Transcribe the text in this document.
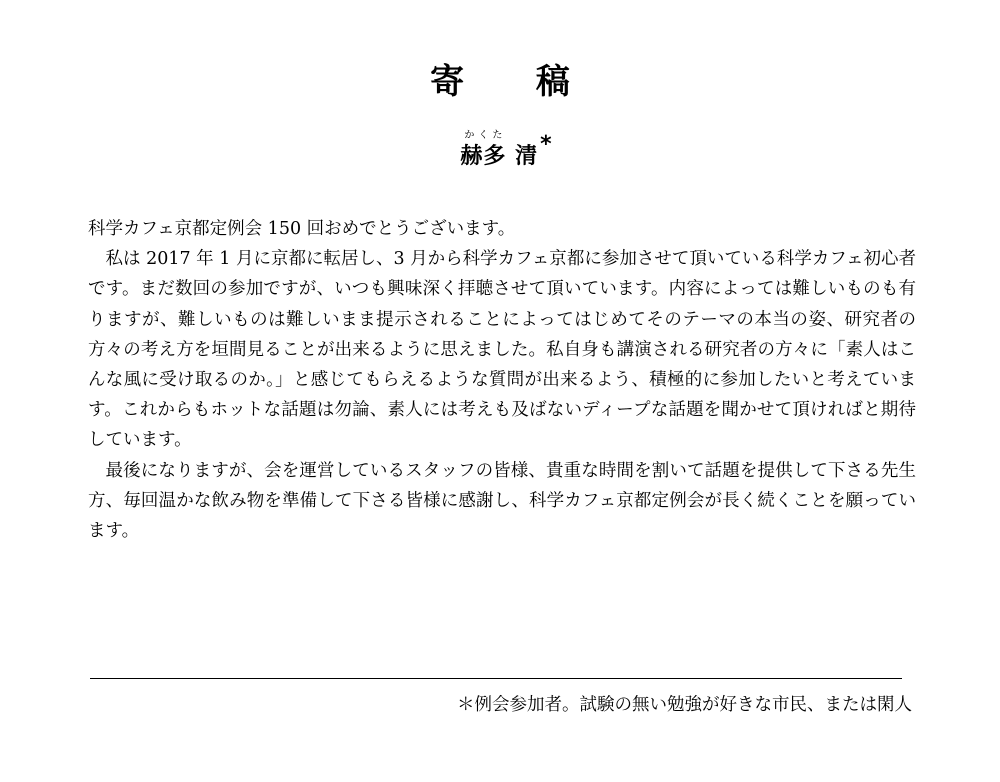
寄 稿
かくた
赫多 清*

科学カフェ京都定例会 150 回おめでとうございます。

私は 2017 年 1 月に京都に転居し、3 月から科学カフェ京都に参加させて頂いている科学カフェ初心者です。まだ数回の参加ですが、いつも興味深く拝聴させて頂いています。内容によっては難しいものも有りますが、難しいものは難しいまま提示されることによってはじめてそのテーマの本当の姿、研究者の方々の考え方を垣間見ることが出来るように思えました。私自身も講演される研究者の方々に「素人はこんな風に受け取るのか。」と感じてもらえるような質問が出来るよう、積極的に参加したいと考えています。これからもホットな話題は勿論、素人には考えも及ばないディープな話題を聞かせて頂ければと期待しています。

最後になりますが、会を運営しているスタッフの皆様、貴重な時間を割いて話題を提供して下さる先生方、毎回温かな飲み物を準備して下さる皆様に感謝し、科学カフェ京都定例会が長く続くことを願っています。

＊例会参加者。試験の無い勉強が好きな市民、または閑人
